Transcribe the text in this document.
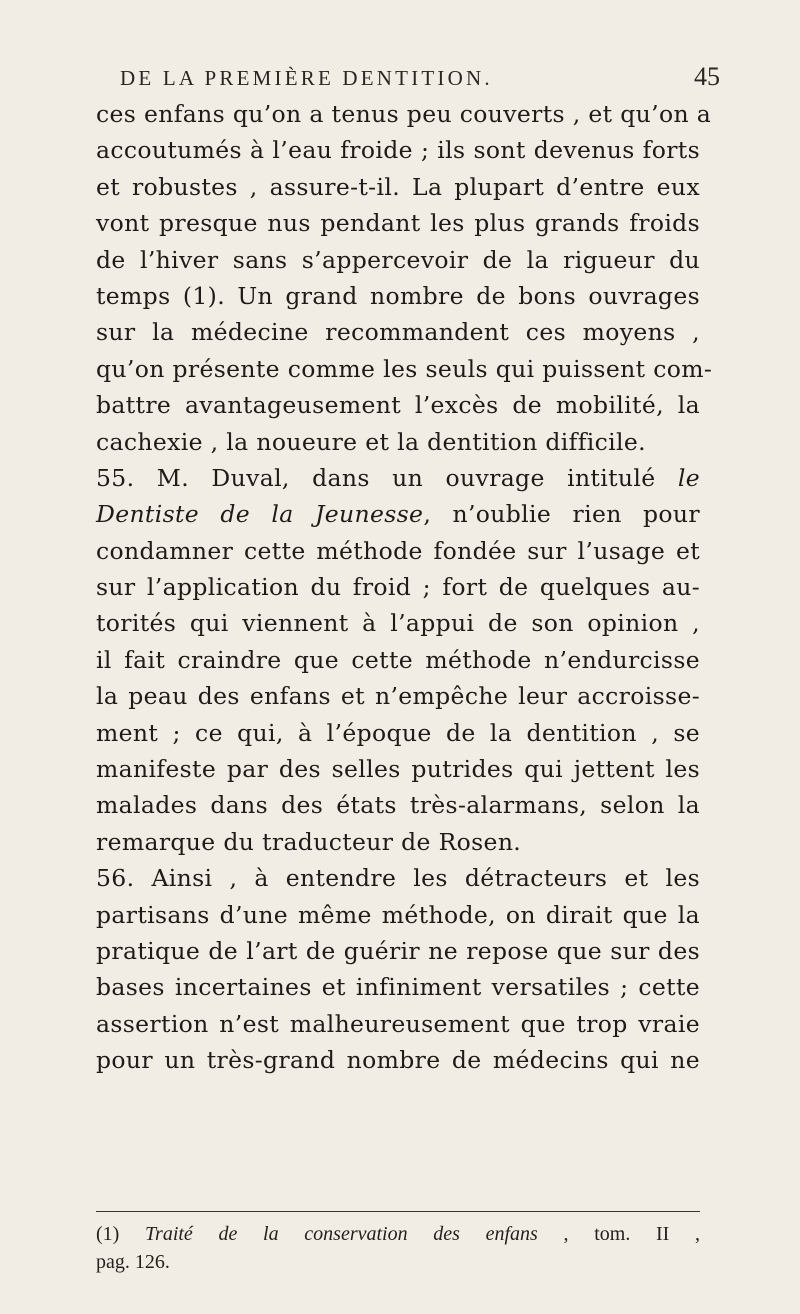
DE LA PREMIÈRE DENTITION.	45
ces enfans qu’on a tenus peu couverts , et qu’on a
accoutumés à l’eau froide ; ils sont devenus forts
et robustes , assure-t-il. La plupart d’entre eux
vont presque nus pendant les plus grands froids
de l’hiver sans s’appercevoir de la rigueur du
temps (1). Un grand nombre de bons ouvrages
sur la médecine recommandent ces moyens ,
qu’on présente comme les seuls qui puissent com-
battre avantageusement l’excès de mobilité, la
cachexie , la noueure et la dentition difficile.
55. M. Duval, dans un ouvrage intitulé le
Dentiste de la Jeunesse, n’oublie rien pour
condamner cette méthode fondée sur l’usage et
sur l’application du froid ; fort de quelques au-
torités qui viennent à l’appui de son opinion ,
il fait craindre que cette méthode n’endurcisse
la peau des enfans et n’empêche leur accroisse-
ment ; ce qui, à l’époque de la dentition , se
manifeste par des selles putrides qui jettent les
malades dans des états très-alarmans, selon la
remarque du traducteur de Rosen.
56. Ainsi , à entendre les détracteurs et les
partisans d’une même méthode, on dirait que la
pratique de l’art de guérir ne repose que sur des
bases incertaines et infiniment versatiles ; cette
assertion n’est malheureusement que trop vraie
pour un très-grand nombre de médecins qui ne
(1) Traité de la conservation des enfans , tom. II ,
pag. 126.
